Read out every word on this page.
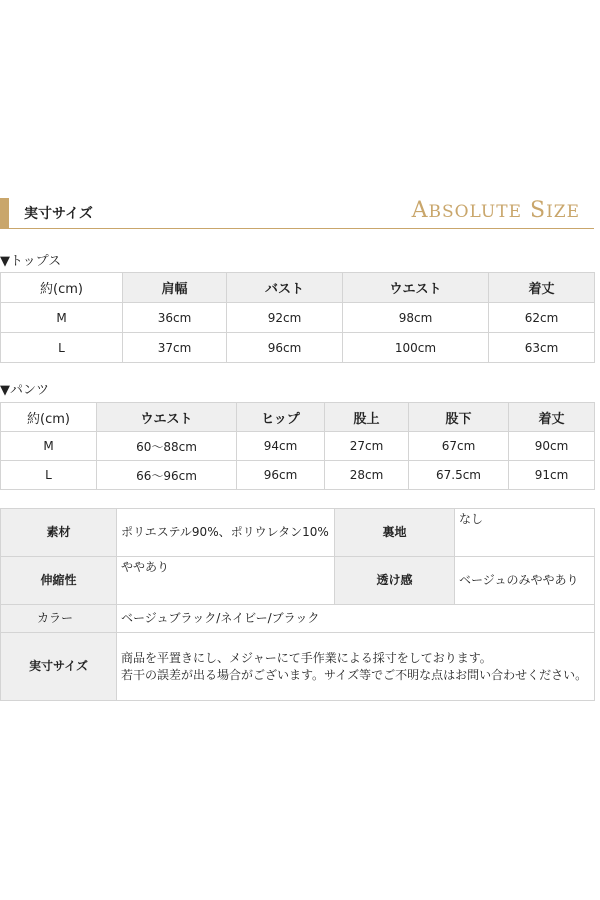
実寸サイズ	ABSOLUTE SIZE
▼トップス
約(cm)	肩幅	バスト	ウエスト	着丈
M	36cm	92cm	98cm	62cm
L	37cm	96cm	100cm	63cm
▼パンツ
約(cm)	ウエスト	ヒップ	股上	股下	着丈
M	60〜88cm	94cm	27cm	67cm	90cm
L	66〜96cm	96cm	28cm	67.5cm	91cm
素材	ポリエステル90%、ポリウレタン10%	裏地	なし
伸縮性	ややあり	透け感	ベージュのみややあり
カラー	ベージュブラック/ネイビー/ブラック		
実寸サイズ	商品を平置きにし、メジャーにて手作業による採寸をしております。
若干の誤差が出る場合がございます。サイズ等でご不明な点はお問い合わせください。		
